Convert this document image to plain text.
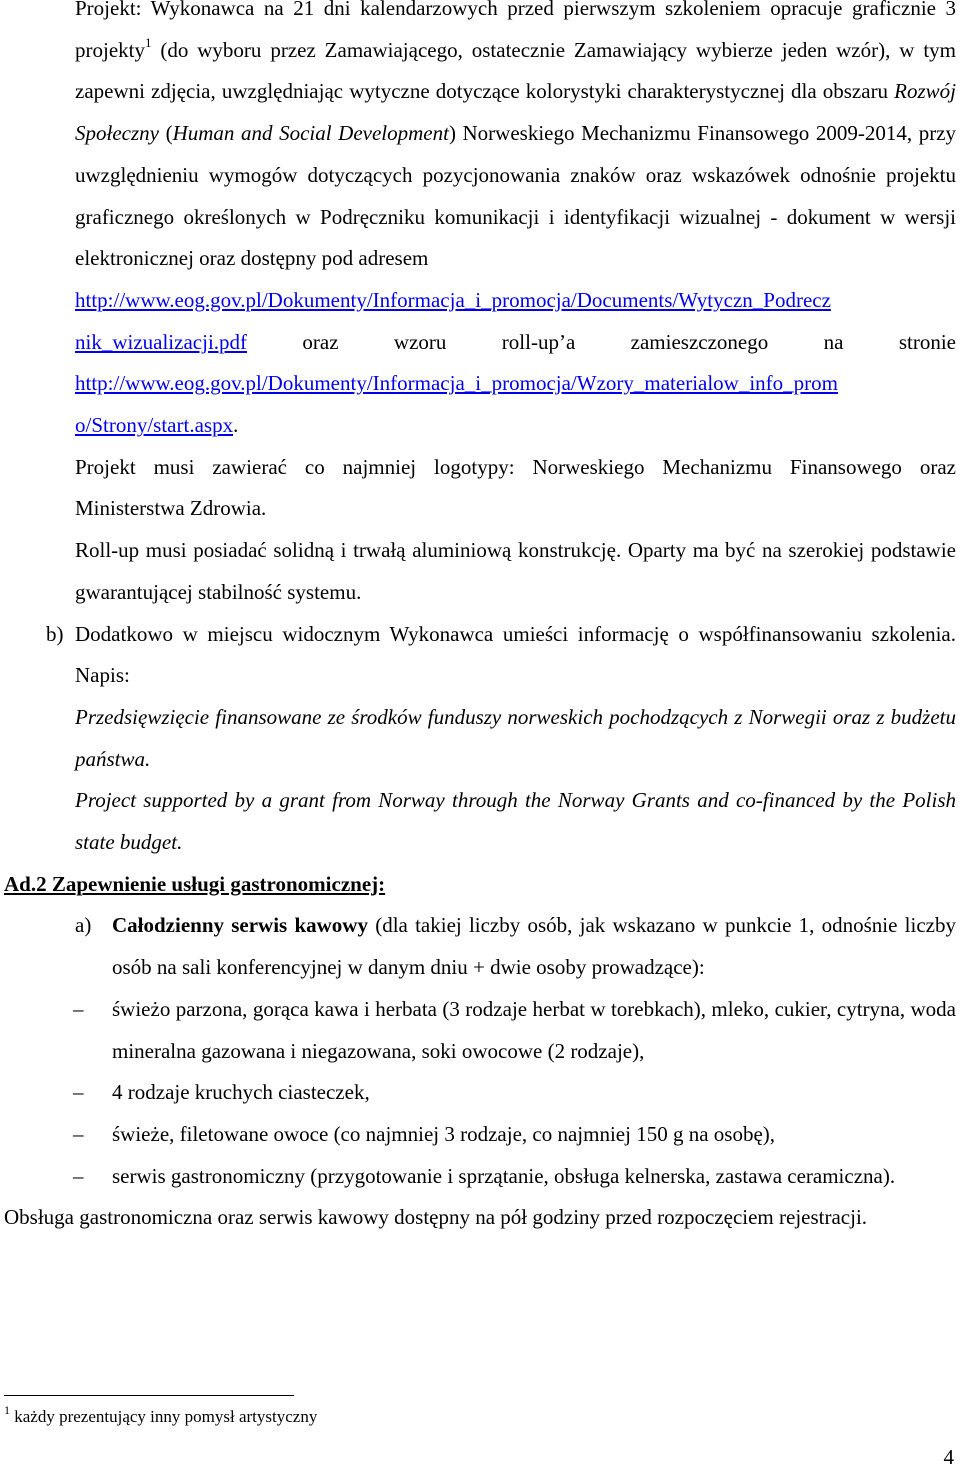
Projekt: Wykonawca na 21 dni kalendarzowych przed pierwszym szkoleniem opracuje graficznie 3 projekty$^1$ (do wyboru przez Zamawiającego, ostatecznie Zamawiający wybierze jeden wzór), w tym zapewni zdjęcia, uwzględniając wytyczne dotyczące kolorystyki charakterystycznej dla obszaru Rozwój Społeczny (Human and Social Development) Norweskiego Mechanizmu Finansowego 2009-2014, przy uwzględnieniu wymogów dotyczących pozycjonowania znaków oraz wskazówek odnośnie projektu graficznego określonych w Podręczniku komunikacji i identyfikacji wizualnej - dokument w wersji elektronicznej oraz dostępny pod adresem
http://www.eog.gov.pl/Dokumenty/Informacja_i_promocja/Documents/Wytyczn_Podrecz

nik_wizualizacji.pdf oraz wzoru roll-up’a zamieszczonego na stronie
http://www.eog.gov.pl/Dokumenty/Informacja_i_promocja/Wzory_materialow_info_prom
o/Strony/start.aspx.

Projekt musi zawierać co najmniej logotypy: Norweskiego Mechanizmu Finansowego oraz Ministerstwa Zdrowia.

Roll-up musi posiadać solidną i trwałą aluminiową konstrukcję. Oparty ma być na szerokiej podstawie gwarantującej stabilność systemu.

b) Dodatkowo w miejscu widocznym Wykonawca umieści informację o współfinansowaniu szkolenia. Napis:

Przedsięwzięcie finansowane ze środków funduszy norweskich pochodzących z Norwegii oraz z budżetu państwa.

Project supported by a grant from Norway through the Norway Grants and co-financed by the Polish state budget.

Ad.2 Zapewnienie usługi gastronomicznej:

a) Całodzienny serwis kawowy (dla takiej liczby osób, jak wskazano w punkcie 1, odnośnie liczby osób na sali konferencyjnej w danym dniu + dwie osoby prowadzące):

– świeżo parzona, gorąca kawa i herbata (3 rodzaje herbat w torebkach), mleko, cukier, cytryna, woda mineralna gazowana i niegazowana, soki owocowe (2 rodzaje),

– 4 rodzaje kruchych ciasteczek,

– świeże, filetowane owoce (co najmniej 3 rodzaje, co najmniej 150 g na osobę),

– serwis gastronomiczny (przygotowanie i sprzątanie, obsługa kelnerska, zastawa ceramiczna).

Obsługa gastronomiczna oraz serwis kawowy dostępny na pół godziny przed rozpoczęciem rejestracji.

$^1$ każdy prezentujący inny pomysł artystyczny
4
